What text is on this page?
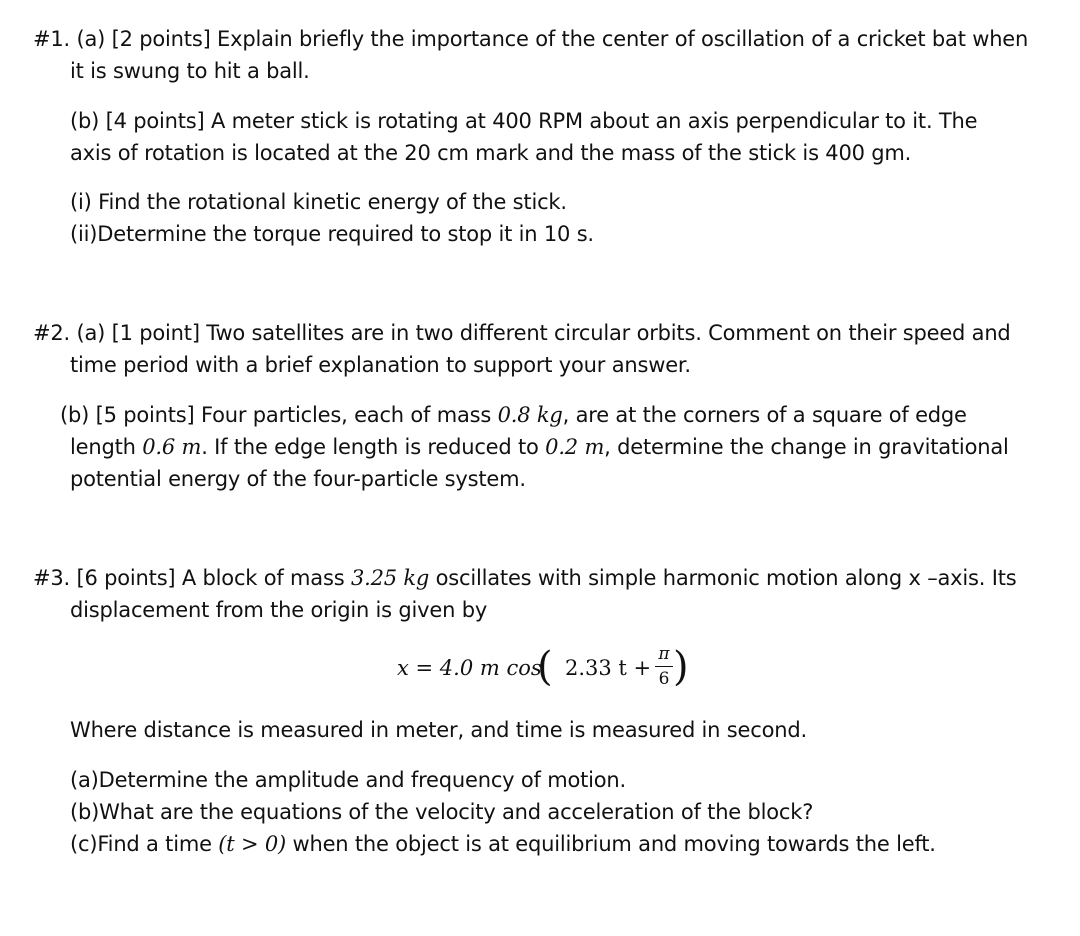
#1. (a) [2 points] Explain briefly the importance of the center of oscillation of a cricket bat when
it is swung to hit a ball.
(b) [4 points] A meter stick is rotating at 400 RPM about an axis perpendicular to it. The
axis of rotation is located at the 20 cm mark and the mass of the stick is 400 gm.
(i) Find the rotational kinetic energy of the stick.
(ii)Determine the torque required to stop it in 10 s.
#2. (a) [1 point] Two satellites are in two different circular orbits. Comment on their speed and
time period with a brief explanation to support your answer.
(b) [5 points] Four particles, each of mass 0.8 kg, are at the corners of a square of edge
length 0.6 m. If the edge length is reduced to 0.2 m, determine the change in gravitational
potential energy of the four-particle system.
#3. [6 points] A block of mass 3.25 kg oscillates with simple harmonic motion along x –axis. Its
displacement from the origin is given by
x = 4.0 m cos
( 2.33 t +
π
6 )
Where distance is measured in meter, and time is measured in second.
(a)Determine the amplitude and frequency of motion.
(b)What are the equations of the velocity and acceleration of the block?
(c)Find a time (t > 0) when the object is at equilibrium and moving towards the left.
